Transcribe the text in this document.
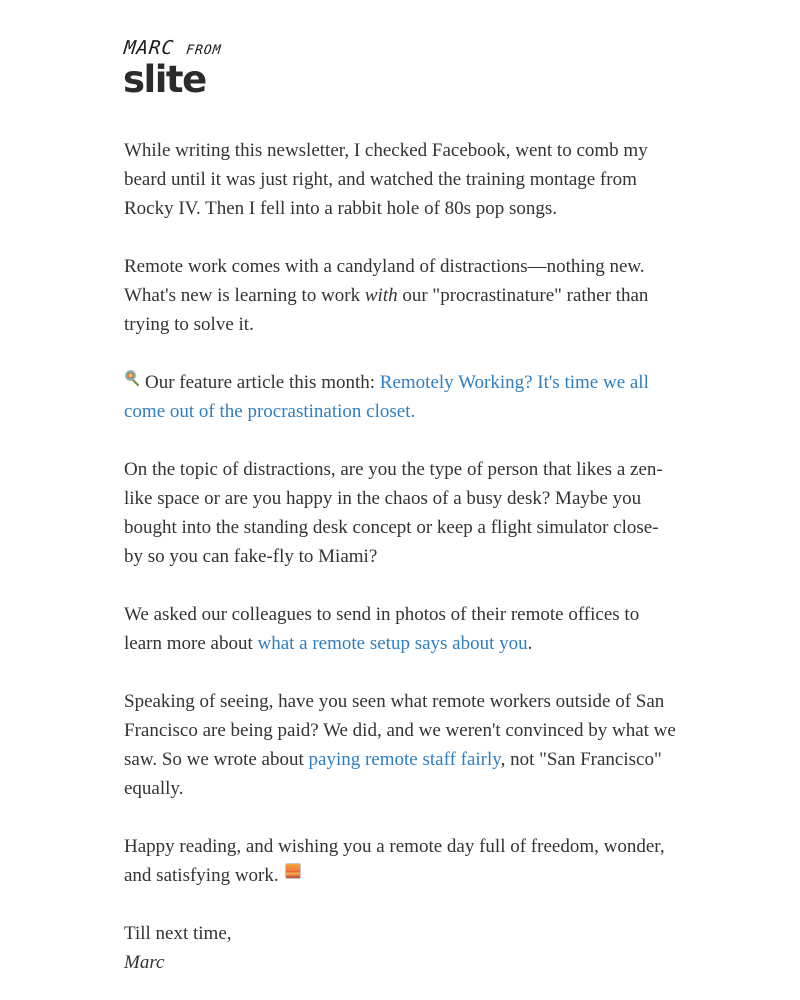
MARC FROM
slite

While writing this newsletter, I checked Facebook, went to comb my beard until it was just right, and watched the training montage from Rocky IV. Then I fell into a rabbit hole of 80s pop songs.

Remote work comes with a candyland of distractions—nothing new. What's new is learning to work with our "procrastinature" rather than trying to solve it.

Our feature article this month: Remotely Working? It's time we all come out of the procrastination closet.

On the topic of distractions, are you the type of person that likes a zen-like space or are you happy in the chaos of a busy desk? Maybe you bought into the standing desk concept or keep a flight simulator close-by so you can fake-fly to Miami?

We asked our colleagues to send in photos of their remote offices to learn more about what a remote setup says about you.

Speaking of seeing, have you seen what remote workers outside of San Francisco are being paid? We did, and we weren't convinced by what we saw. So we wrote about paying remote staff fairly, not "San Francisco" equally.

Happy reading, and wishing you a remote day full of freedom, wonder, and satisfying work.

Till next time,
Marc
